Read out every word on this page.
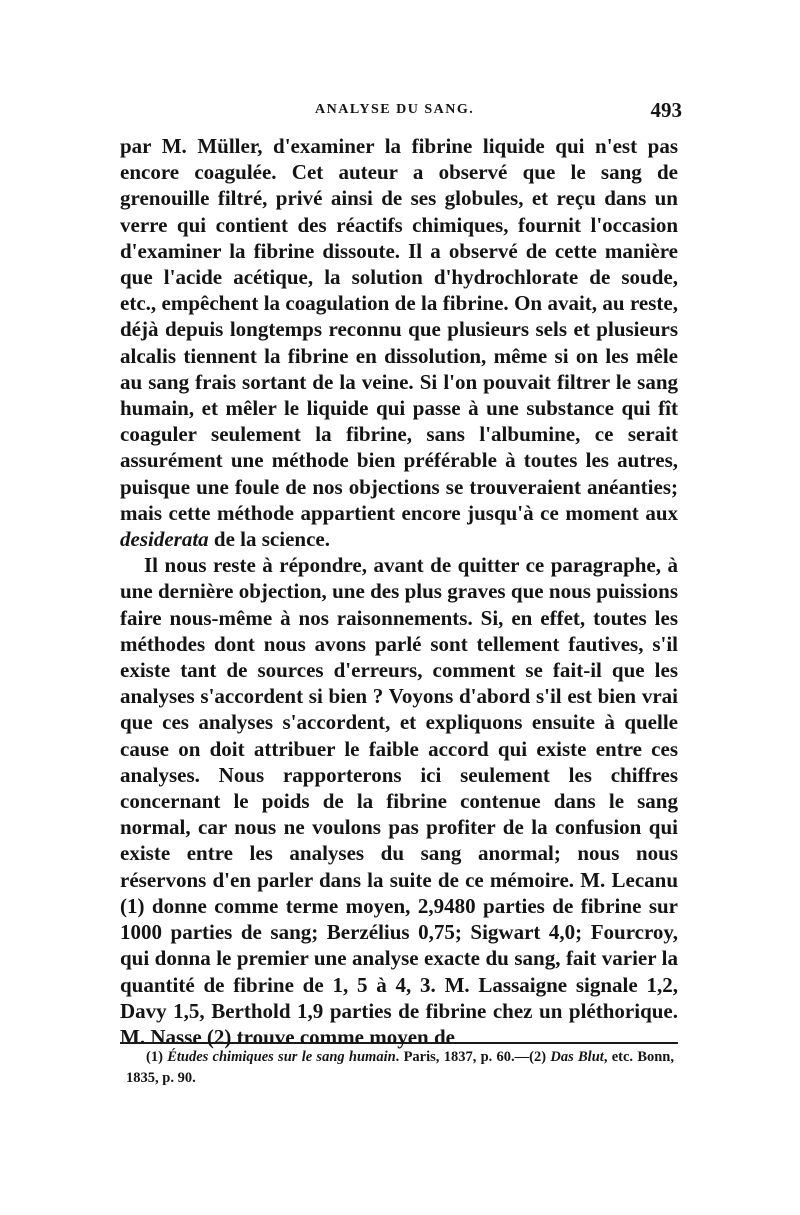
ANALYSE DU SANG.	493

par M. Müller, d'examiner la fibrine liquide qui n'est pas encore coagulée. Cet auteur a observé que le sang de grenouille filtré, privé ainsi de ses globules, et reçu dans un verre qui contient des réactifs chimiques, fournit l'occasion d'examiner la fibrine dissoute. Il a observé de cette manière que l'acide acétique, la solution d'hydrochlorate de soude, etc., empêchent la coagulation de la fibrine. On avait, au reste, déjà depuis longtemps reconnu que plusieurs sels et plusieurs alcalis tiennent la fibrine en dissolution, même si on les mêle au sang frais sortant de la veine. Si l'on pouvait filtrer le sang humain, et mêler le liquide qui passe à une substance qui fît coaguler seulement la fibrine, sans l'albumine, ce serait assurément une méthode bien préférable à toutes les autres, puisque une foule de nos objections se trouveraient anéanties; mais cette méthode appartient encore jusqu'à ce moment aux desiderata de la science.

Il nous reste à répondre, avant de quitter ce paragraphe, à une dernière objection, une des plus graves que nous puissions faire nous-même à nos raisonnements. Si, en effet, toutes les méthodes dont nous avons parlé sont tellement fautives, s'il existe tant de sources d'erreurs, comment se fait-il que les analyses s'accordent si bien ? Voyons d'abord s'il est bien vrai que ces analyses s'accordent, et expliquons ensuite à quelle cause on doit attribuer le faible accord qui existe entre ces analyses. Nous rapporterons ici seulement les chiffres concernant le poids de la fibrine contenue dans le sang normal, car nous ne voulons pas profiter de la confusion qui existe entre les analyses du sang anormal; nous nous réservons d'en parler dans la suite de ce mémoire. M. Lecanu (1) donne comme terme moyen, 2,9480 parties de fibrine sur 1000 parties de sang; Berzélius 0,75; Sigwart 4,0; Fourcroy, qui donna le premier une analyse exacte du sang, fait varier la quantité de fibrine de 1, 5 à 4, 3. M. Lassaigne signale 1,2, Davy 1,5, Berthold 1,9 parties de fibrine chez un pléthorique. M. Nasse (2) trouve comme moyen de

(1) Études chimiques sur le sang humain. Paris, 1837, p. 60.—(2) Das Blut, etc. Bonn, 1835, p. 90.
